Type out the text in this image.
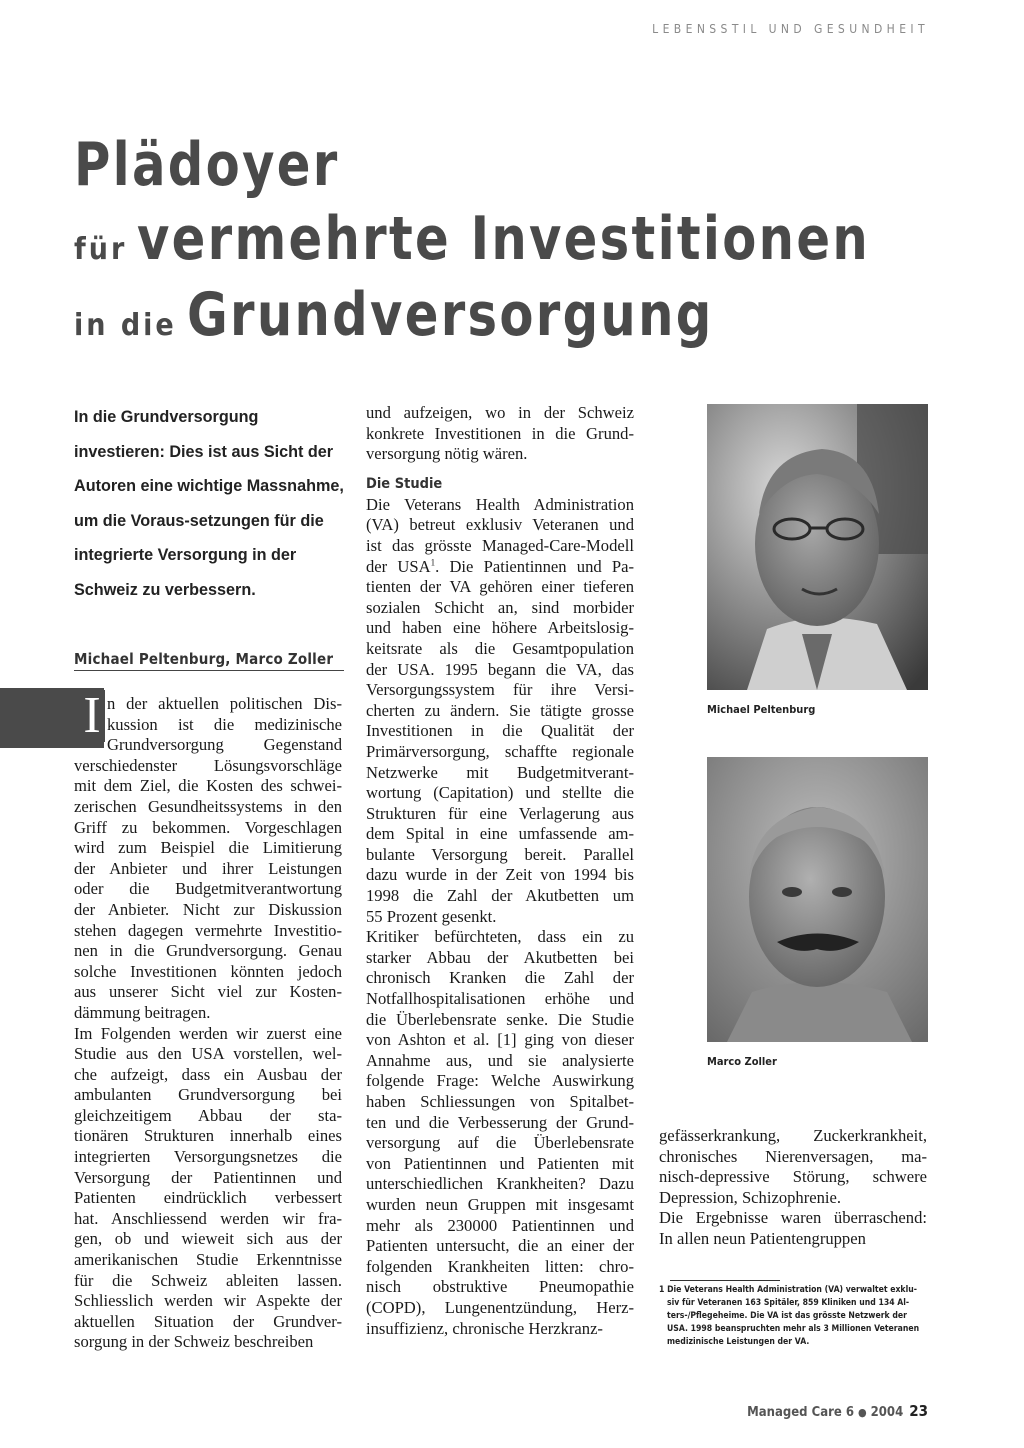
LEBENSSTIL UND GESUNDHEIT
Plädoyer
für vermehrte Investitionen
in die Grundversorgung
In die Grundversorgung investieren: Dies ist aus Sicht der Autoren eine wichtige Massnahme, um die Voraus-setzungen für die integrierte Versorgung in der Schweiz zu verbessern.
Michael Peltenburg, Marco Zoller
I n der aktuellen politischen Dis-
kussion ist die medizinische
Grundversorgung Gegenstand
verschiedenster Lösungsvorschläge
mit dem Ziel, die Kosten des schwei-
zerischen Gesundheitssystems in den
Griff zu bekommen. Vorgeschlagen
wird zum Beispiel die Limitierung
der Anbieter und ihrer Leistungen
oder die Budgetmitverantwortung
der Anbieter. Nicht zur Diskussion
stehen dagegen vermehrte Investitio-
nen in die Grundversorgung. Genau
solche Investitionen könnten jedoch
aus unserer Sicht viel zur Kosten-
dämmung beitragen.
Im Folgenden werden wir zuerst eine
Studie aus den USA vorstellen, wel-
che aufzeigt, dass ein Ausbau der
ambulanten Grundversorgung bei
gleichzeitigem Abbau der sta-
tionären Strukturen innerhalb eines
integrierten Versorgungsnetzes die
Versorgung der Patientinnen und
Patienten eindrücklich verbessert
hat. Anschliessend werden wir fra-
gen, ob und wieweit sich aus der
amerikanischen Studie Erkenntnisse
für die Schweiz ableiten lassen.
Schliesslich werden wir Aspekte der
aktuellen Situation der Grundver-
sorgung in der Schweiz beschreiben
und aufzeigen, wo in der Schweiz
konkrete Investitionen in die Grund-
versorgung nötig wären.
Die Studie
Die Veterans Health Administration
(VA) betreut exklusiv Veteranen und
ist das grösste Managed-Care-Modell
der USA$^1$. Die Patientinnen und Pa-
tienten der VA gehören einer tieferen
sozialen Schicht an, sind morbider
und haben eine höhere Arbeitslosig-
keitsrate als die Gesamtpopulation
der USA. 1995 begann die VA, das
Versorgungssystem für ihre Versi-
cherten zu ändern. Sie tätigte grosse
Investitionen in die Qualität der
Primärversorgung, schaffte regionale
Netzwerke mit Budgetmitverant-
wortung (Capitation) und stellte die
Strukturen für eine Verlagerung aus
dem Spital in eine umfassende am-
bulante Versorgung bereit. Parallel
dazu wurde in der Zeit von 1994 bis
1998 die Zahl der Akutbetten um
55 Prozent gesenkt.
Kritiker befürchteten, dass ein zu
starker Abbau der Akutbetten bei
chronisch Kranken die Zahl der
Notfallhospitalisationen erhöhe und
die Überlebensrate senke. Die Studie
von Ashton et al. [1] ging von dieser
Annahme aus, und sie analysierte
folgende Frage: Welche Auswirkung
haben Schliessungen von Spitalbet-
ten und die Verbesserung der Grund-
versorgung auf die Überlebensrate
von Patientinnen und Patienten mit
unterschiedlichen Krankheiten? Dazu
wurden neun Gruppen mit insgesamt
mehr als 230000 Patientinnen und
Patienten untersucht, die an einer der
folgenden Krankheiten litten: chro-
nisch obstruktive Pneumopathie
(COPD), Lungenentzündung, Herz-
insuffizienz, chronische Herzkranz-
gefässerkrankung, Zuckerkrankheit,
chronisches Nierenversagen, ma-
nisch-depressive Störung, schwere
Depression, Schizophrenie.
Die Ergebnisse waren überraschend:
In allen neun Patientengruppen
Michael Peltenburg
Marco Zoller
1 Die Veterans Health Administration (VA) verwaltet exklu-
siv für Veteranen 163 Spitäler, 859 Kliniken und 134 Al-
ters-/Pflegeheime. Die VA ist das grösste Netzwerk der
USA. 1998 beanspruchten mehr als 3 Millionen Veteranen
medizinische Leistungen der VA.
Managed Care 6 ● 2004 23
